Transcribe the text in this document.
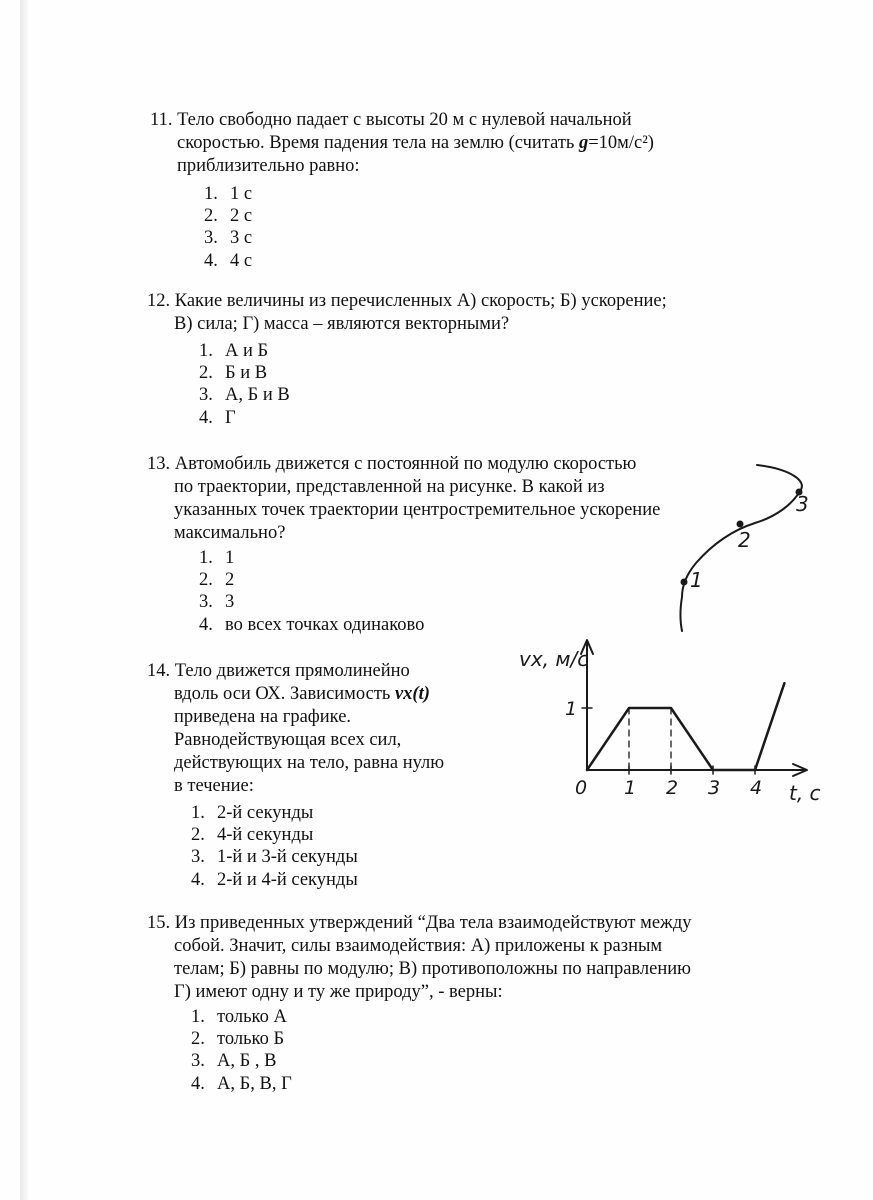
11. Тело свободно падает с высоты 20 м с нулевой начальной
скоростью. Время падения тела на землю (считать g=10м/с²)
приблизительно равно:

1. 1 с
2. 2 с
3. 3 с
4. 4 с

12. Какие величины из перечисленных А) скорость; Б) ускорение;
В) сила; Г) масса – являются векторными?

1. А и Б
2. Б и В
3. А, Б и В
4. Г

13. Автомобиль движется с постоянной по модулю скоростью
по траектории, представленной на рисунке. В какой из
указанных точек траектории центростремительное ускорение
максимально?

1. 1
2. 2
3. 3
4. во всех точках одинаково
3
2
1

14. Тело движется прямолинейно
вдоль оси ОХ. Зависимость vх(t)
приведена на графике.
Равнодействующая всех сил,
действующих на тело, равна нулю
в течение:

1. 2-й секунды
2. 4-й секунды
3. 1-й и 3-й секунды
4. 2-й и 4-й секунды
vх, м/с
t, c
0 1 2 3 4
1

15. Из приведенных утверждений “Два тела взаимодействуют между
собой. Значит, силы взаимодействия: А) приложены к разным
телам; Б) равны по модулю; В) противоположны по направлению
Г) имеют одну и ту же природу”, - верны:

1. только А
2. только Б
3. А, Б , В
4. А, Б, В, Г
